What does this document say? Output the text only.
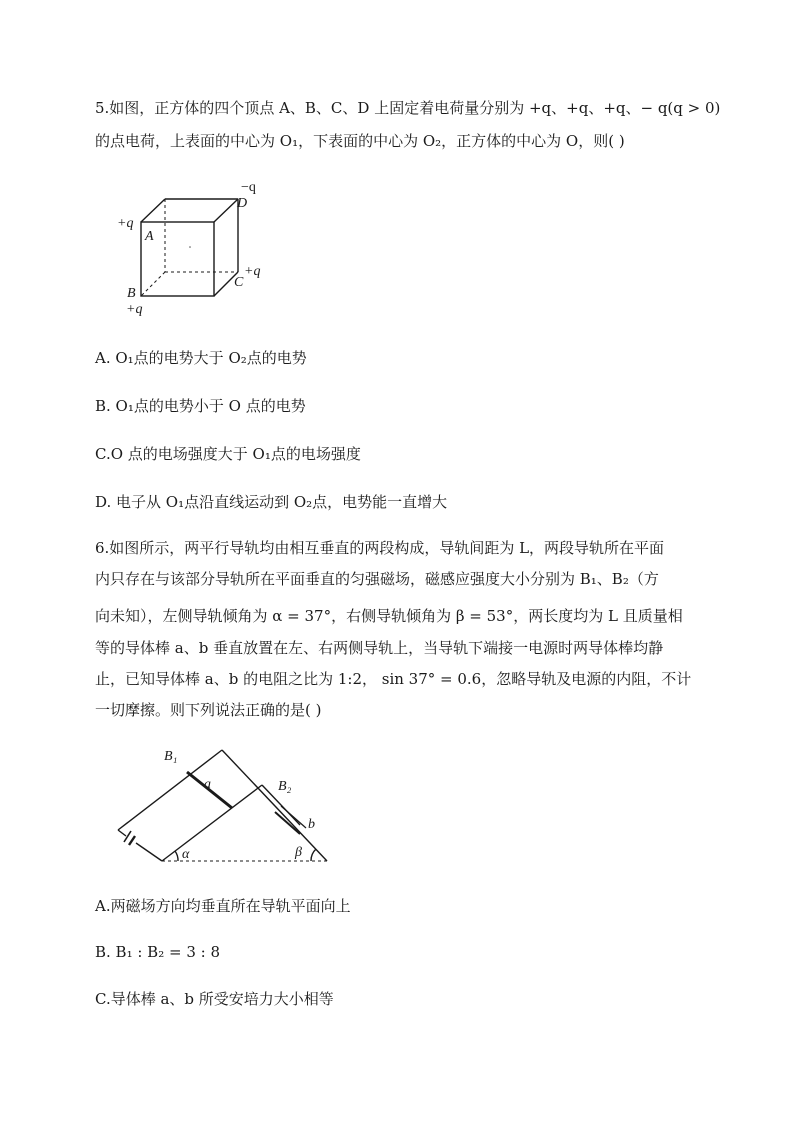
5.如图，正方体的四个顶点 A、B、C、D 上固定着电荷量分别为 +q、+q、+q、− q(q > 0)
的点电荷，上表面的中心为 O₁，下表面的中心为 O₂，正方体的中心为 O，则( )
−q
D
+q
A
C
+q
B
+q
B₁
a	B₂
b
α	β
A. O₁点的电势大于 O₂点的电势
B. O₁点的电势小于 O 点的电势
C.O 点的电场强度大于 O₁点的电场强度
D. 电子从 O₁点沿直线运动到 O₂点，电势能一直增大
6.如图所示，两平行导轨均由相互垂直的两段构成，导轨间距为 L，两段导轨所在平面
内只存在与该部分导轨所在平面垂直的匀强磁场，磁感应强度大小分别为 B₁、B₂（方
向未知），左侧导轨倾角为 α = 37°，右侧导轨倾角为 β = 53°，两长度均为 L 且质量相
等的导体棒 a、b 垂直放置在左、右两侧导轨上，当导轨下端接一电源时两导体棒均静
止，已知导体棒 a、b 的电阻之比为 1:2， sin 37° = 0.6，忽略导轨及电源的内阻，不计
一切摩擦。则下列说法正确的是( )
A.两磁场方向均垂直所在导轨平面向上
B. B₁ : B₂ = 3 : 8
C.导体棒 a、b 所受安培力大小相等
